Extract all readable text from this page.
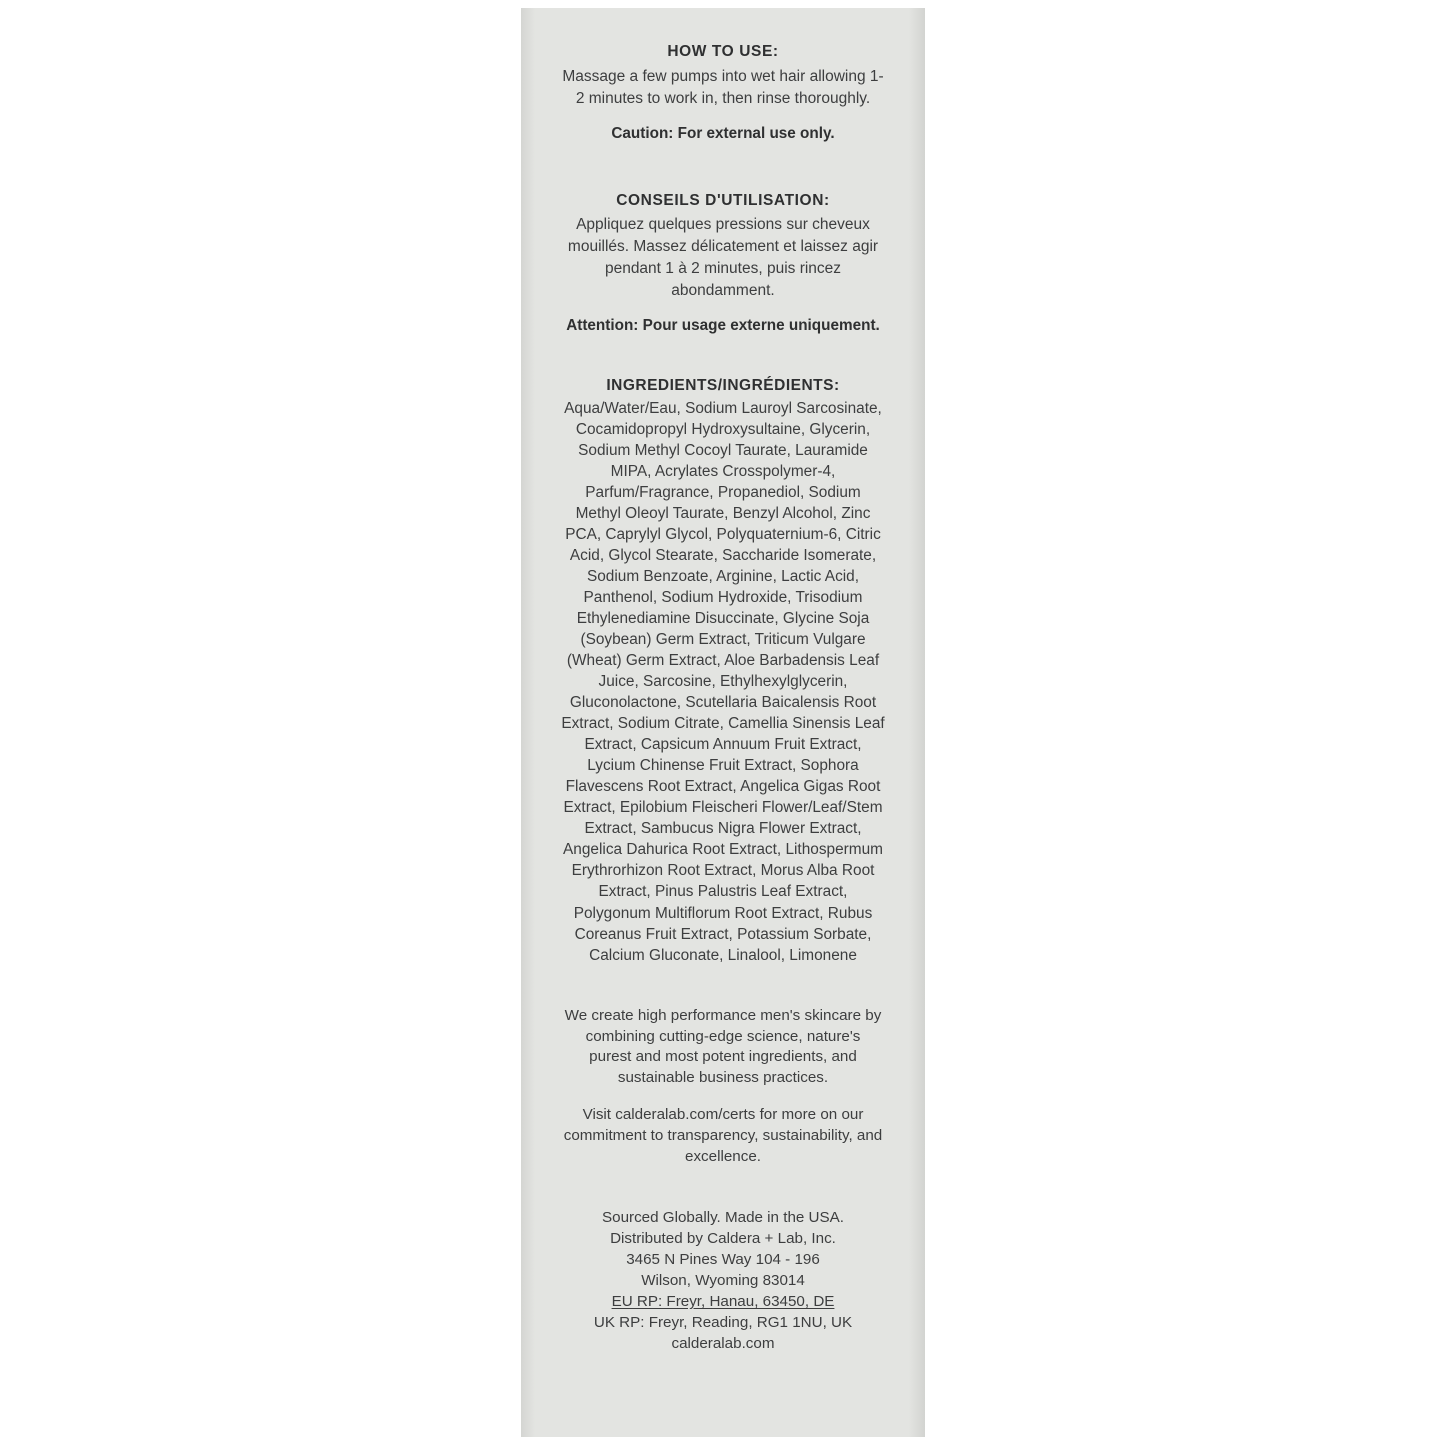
HOW TO USE:

Massage a few pumps into wet hair allowing 1-2 minutes to work in, then rinse thoroughly.

Caution: For external use only.

CONSEILS D'UTILISATION:

Appliquez quelques pressions sur cheveux mouillés. Massez délicatement et laissez agir pendant 1 à 2 minutes, puis rincez abondamment.

Attention: Pour usage externe uniquement.

INGREDIENTS/INGRÉDIENTS:

Aqua/Water/Eau, Sodium Lauroyl Sarcosinate, Cocamidopropyl Hydroxysultaine, Glycerin, Sodium Methyl Cocoyl Taurate, Lauramide MIPA, Acrylates Crosspolymer-4, Parfum/Fragrance, Propanediol, Sodium Methyl Oleoyl Taurate, Benzyl Alcohol, Zinc PCA, Caprylyl Glycol, Polyquaternium-6, Citric Acid, Glycol Stearate, Saccharide Isomerate, Sodium Benzoate, Arginine, Lactic Acid, Panthenol, Sodium Hydroxide, Trisodium Ethylenediamine Disuccinate, Glycine Soja (Soybean) Germ Extract, Triticum Vulgare (Wheat) Germ Extract, Aloe Barbadensis Leaf Juice, Sarcosine, Ethylhexylglycerin, Gluconolactone, Scutellaria Baicalensis Root Extract, Sodium Citrate, Camellia Sinensis Leaf Extract, Capsicum Annuum Fruit Extract, Lycium Chinense Fruit Extract, Sophora Flavescens Root Extract, Angelica Gigas Root Extract, Epilobium Fleischeri Flower/Leaf/Stem Extract, Sambucus Nigra Flower Extract, Angelica Dahurica Root Extract, Lithospermum Erythrorhizon Root Extract, Morus Alba Root Extract, Pinus Palustris Leaf Extract, Polygonum Multiflorum Root Extract, Rubus Coreanus Fruit Extract, Potassium Sorbate, Calcium Gluconate, Linalool, Limonene

We create high performance men's skincare by combining cutting-edge science, nature's purest and most potent ingredients, and sustainable business practices.

Visit calderalab.com/certs for more on our commitment to transparency, sustainability, and excellence.

Sourced Globally. Made in the USA.
Distributed by Caldera + Lab, Inc.
3465 N Pines Way 104 - 196
Wilson, Wyoming 83014
EU RP: Freyr, Hanau, 63450, DE
UK RP: Freyr, Reading, RG1 1NU, UK

calderalab.com
